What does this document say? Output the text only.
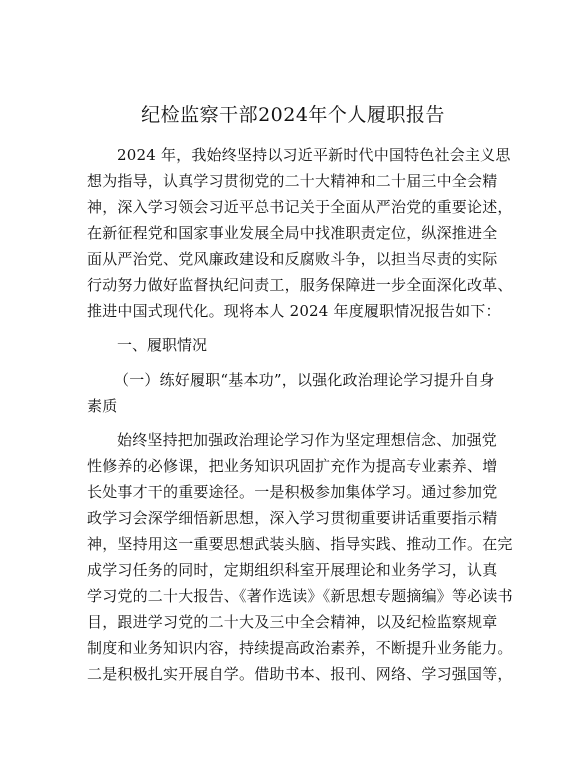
纪检监察干部2024年个人履职报告
2024 年，我始终坚持以习近平新时代中国特色社会主义思
想为指导，认真学习贯彻党的二十大精神和二十届三中全会精
神，深入学习领会习近平总书记关于全面从严治党的重要论述，
在新征程党和国家事业发展全局中找准职责定位，纵深推进全
面从严治党、党风廉政建设和反腐败斗争，以担当尽责的实际
行动努力做好监督执纪问责工，服务保障进一步全面深化改革、
推进中国式现代化。现将本人 2024 年度履职情况报告如下：
一、履职情况
（一）练好履职“基本功”，以强化政治理论学习提升自身
素质
始终坚持把加强政治理论学习作为坚定理想信念、加强党
性修养的必修课，把业务知识巩固扩充作为提高专业素养、增
长处事才干的重要途径。一是积极参加集体学习。通过参加党
政学习会深学细悟新思想，深入学习贯彻重要讲话重要指示精
神，坚持用这一重要思想武装头脑、指导实践、推动工作。在完
成学习任务的同时，定期组织科室开展理论和业务学习，认真
学习党的二十大报告、《著作选读》《新思想专题摘编》等必读书
目，跟进学习党的二十大及三中全会精神，以及纪检监察规章
制度和业务知识内容，持续提高政治素养，不断提升业务能力。
二是积极扎实开展自学。借助书本、报刊、网络、学习强国等，
